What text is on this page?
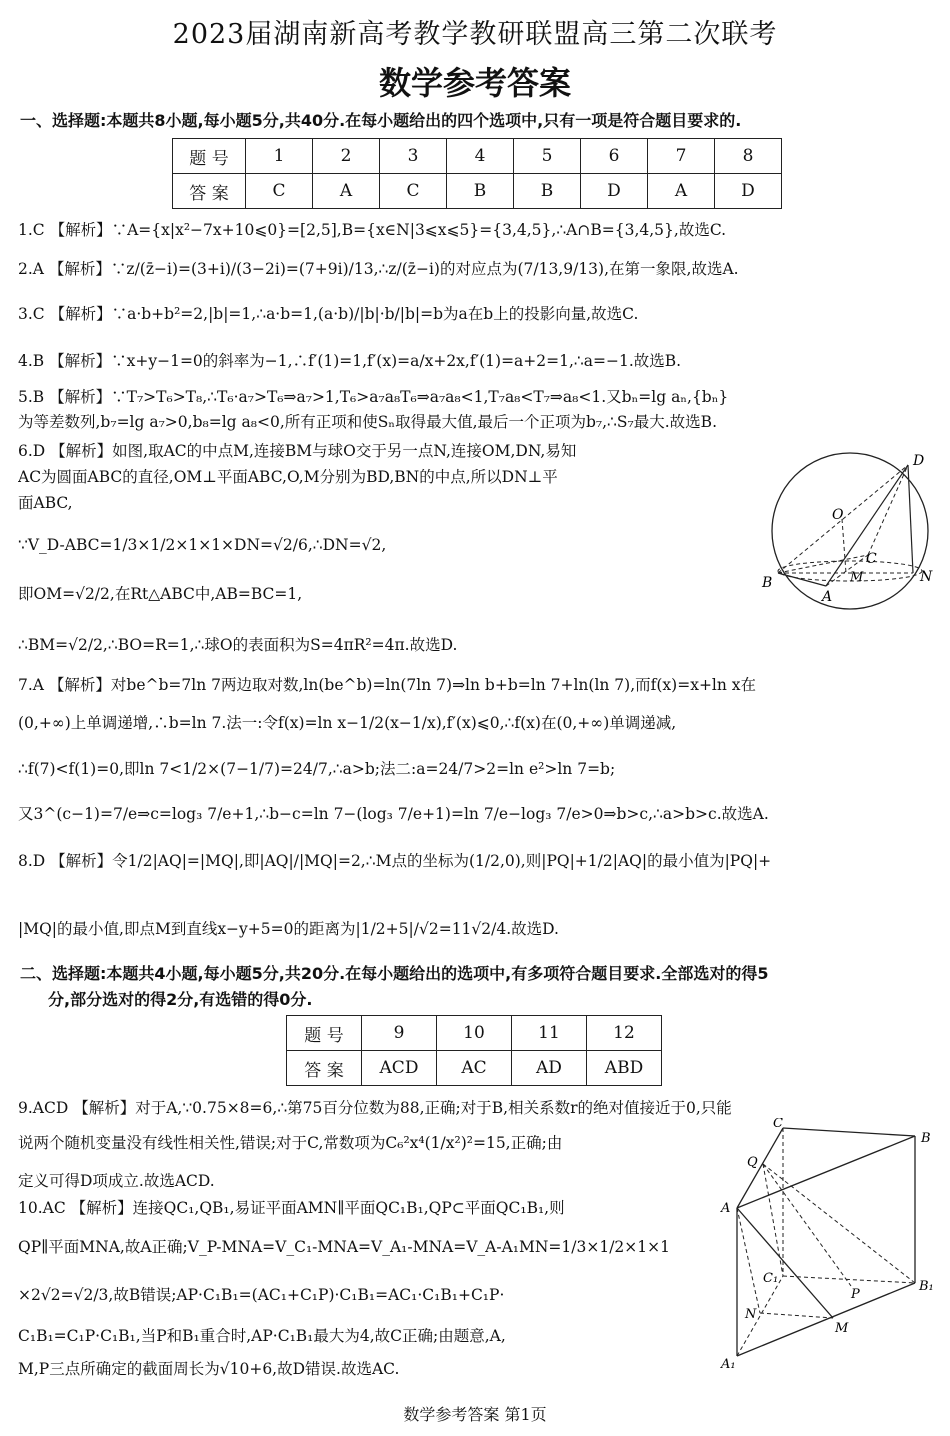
2023届湖南新高考教学教研联盟高三第二次联考
数学参考答案
一、选择题:本题共8小题,每小题5分,共40分.在每小题给出的四个选项中,只有一项是符合题目要求的.
题 号	1	2	3	4	5	6	7	8
答 案	C	A	C	B	B	D	A	D
1.C 【解析】∵A={x|x²−7x+10⩽0}=[2,5],B={x∈N|3⩽x⩽5}={3,4,5},∴A∩B={3,4,5},故选C.
2.A 【解析】∵z/(z̄−i)=(3+i)/(3−2i)=(7+9i)/13,∴z/(z̄−i)的对应点为(7/13,9/13),在第一象限,故选A.
3.C 【解析】∵a·b+b²=2,|b|=1,∴a·b=1,(a·b)/|b|·b/|b|=b为a在b上的投影向量,故选C.
4.B 【解析】∵x+y−1=0的斜率为−1,∴f′(1)=1,f′(x)=a/x+2x,f′(1)=a+2=1,∴a=−1.故选B.
5.B 【解析】∵T₇>T₆>T₈,∴T₆·a₇>T₆⇒a₇>1,T₆>a₇a₈T₆⇒a₇a₈<1,T₇a₈<T₇⇒a₈<1.又bₙ=lg aₙ,{bₙ}
为等差数列,b₇=lg a₇>0,b₈=lg a₈<0,所有正项和使Sₙ取得最大值,最后一个正项为b₇,∴S₇最大.故选B.
6.D 【解析】如图,取AC的中点M,连接BM与球O交于另一点N,连接OM,DN,易知
AC为圆面ABC的直径,OM⊥平面ABC,O,M分别为BD,BN的中点,所以DN⊥平
面ABC,
∵V_D-ABC=1/3×1/2×1×1×DN=√2/6,∴DN=√2,
即OM=√2/2,在Rt△ABC中,AB=BC=1,
∴BM=√2/2,∴BO=R=1,∴球O的表面积为S=4πR²=4π.故选D.
D
O
C
M
B	N
A
7.A 【解析】对be^b=7ln 7两边取对数,ln(be^b)=ln(7ln 7)⇒ln b+b=ln 7+ln(ln 7),而f(x)=x+ln x在
(0,+∞)上单调递增,∴b=ln 7.法一:令f(x)=ln x−1/2(x−1/x),f′(x)⩽0,∴f(x)在(0,+∞)单调递减,
∴f(7)<f(1)=0,即ln 7<1/2×(7−1/7)=24/7,∴a>b;法二:a=24/7>2=ln e²>ln 7=b;
又3^(c−1)=7/e⇒c=log₃ 7/e+1,∴b−c=ln 7−(log₃ 7/e+1)=ln 7/e−log₃ 7/e>0⇒b>c,∴a>b>c.故选A.
8.D 【解析】令1/2|AQ|=|MQ|,即|AQ|/|MQ|=2,∴M点的坐标为(1/2,0),则|PQ|+1/2|AQ|的最小值为|PQ|+
|MQ|的最小值,即点M到直线x−y+5=0的距离为|1/2+5|/√2=11√2/4.故选D.
二、选择题:本题共4小题,每小题5分,共20分.在每小题给出的选项中,有多项符合题目要求.全部选对的得5
分,部分选对的得2分,有选错的得0分.
题 号	9	10	11	12
答 案	ACD	AC	AD	ABD
9.ACD 【解析】对于A,∵0.75×8=6,∴第75百分位数为88,正确;对于B,相关系数r的绝对值接近于0,只能
说两个随机变量没有线性相关性,错误;对于C,常数项为C₆²x⁴(1/x²)²=15,正确;由
定义可得D项成立.故选ACD.
10.AC 【解析】连接QC₁,QB₁,易证平面AMN∥平面QC₁B₁,QP⊂平面QC₁B₁,则
QP∥平面MNA,故A正确;V_P-MNA=V_C₁-MNA=V_A₁-MNA=V_A-A₁MN=1/3×1/2×1×1
×2√2=√2/3,故B错误;AP·C₁B₁=(AC₁+C₁P)·C₁B₁=AC₁·C₁B₁+C₁P·
C₁B₁=C₁P·C₁B₁,当P和B₁重合时,AP·C₁B₁最大为4,故C正确;由题意,A,
M,P三点所确定的截面周长为√10+6,故D错误.故选AC.
C
B
Q
A
C₁
P
B₁
N
M
A₁
数学参考答案 第1页
